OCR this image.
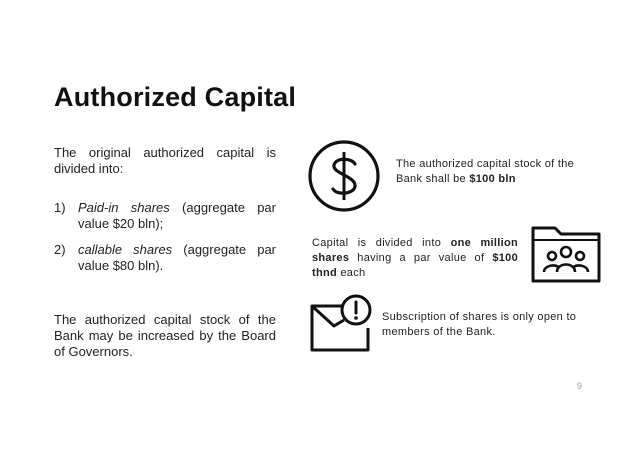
Authorized Capital
The original authorized capital is divided into:
1) Paid-in shares (aggregate par value $20 bln);
2) callable shares (aggregate par value $80 bln).
The authorized capital stock of the Bank may be increased by the Board of Governors.
The authorized capital stock of the Bank shall be $100 bln
Capital is divided into one million shares having a par value of $100 thnd each
Subscription of shares is only open to members of the Bank.
9
